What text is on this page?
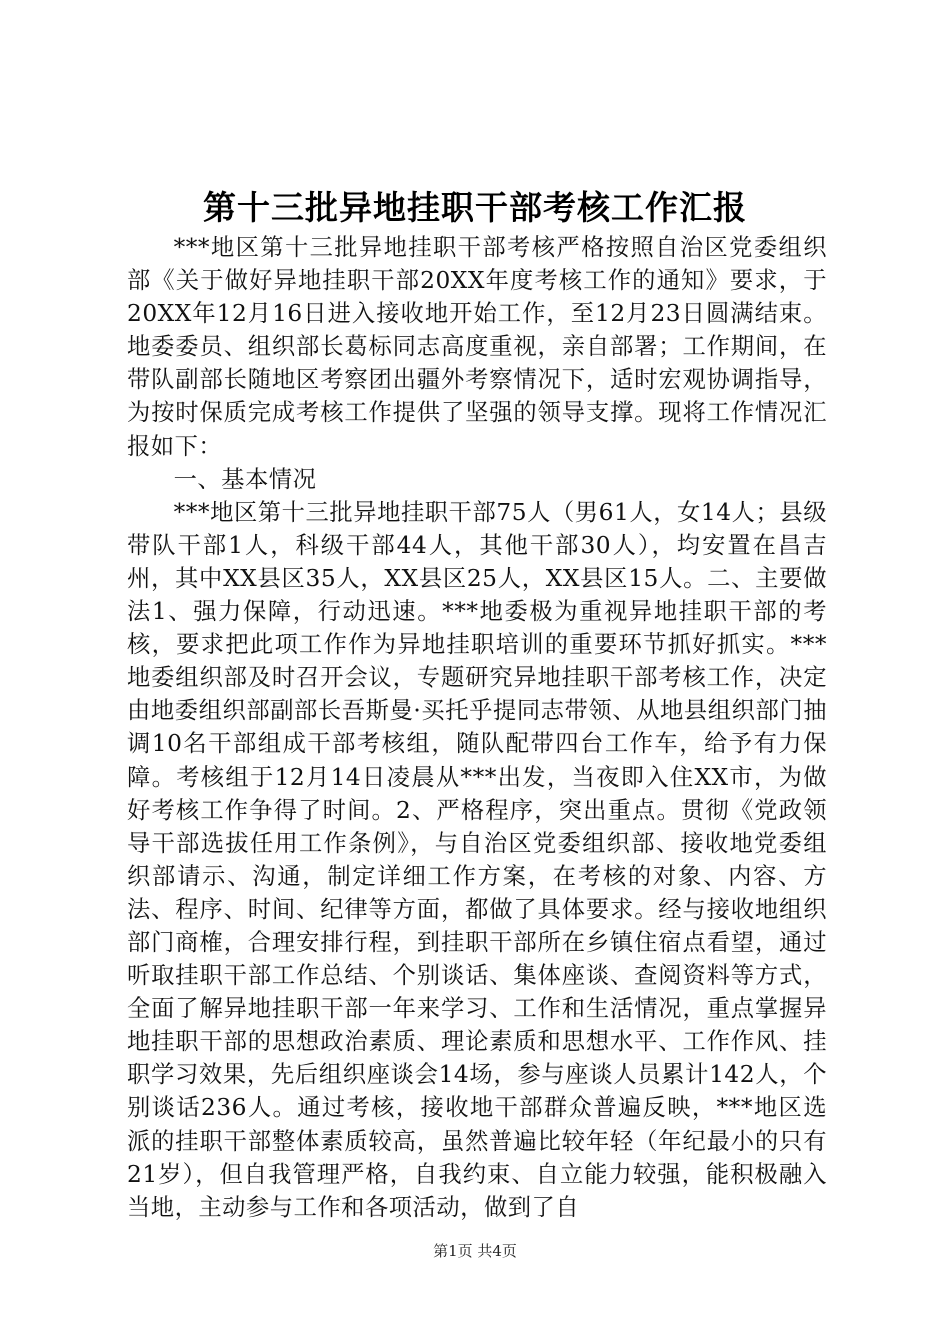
第十三批异地挂职干部考核工作汇报

***地区第十三批异地挂职干部考核严格按照自治区党委组织部《关于做好异地挂职干部20XX年度考核工作的通知》要求，于20XX年12月16日进入接收地开始工作，至12月23日圆满结束。地委委员、组织部长葛标同志高度重视，亲自部署；工作期间，在带队副部长随地区考察团出疆外考察情况下，适时宏观协调指导，为按时保质完成考核工作提供了坚强的领导支撑。现将工作情况汇报如下：

一、基本情况

***地区第十三批异地挂职干部75人（男61人，女14人；县级带队干部1人，科级干部44人，其他干部30人），均安置在昌吉州，其中XX县区35人，XX县区25人，XX县区15人。二、主要做法1、强力保障，行动迅速。***地委极为重视异地挂职干部的考核，要求把此项工作作为异地挂职培训的重要环节抓好抓实。***地委组织部及时召开会议，专题研究异地挂职干部考核工作，决定由地委组织部副部长吾斯曼·买托乎提同志带领、从地县组织部门抽调10名干部组成干部考核组，随队配带四台工作车，给予有力保障。考核组于12月14日凌晨从***出发，当夜即入住XX市，为做好考核工作争得了时间。2、严格程序，突出重点。贯彻《党政领导干部选拔任用工作条例》，与自治区党委组织部、接收地党委组织部请示、沟通，制定详细工作方案，在考核的对象、内容、方法、程序、时间、纪律等方面，都做了具体要求。经与接收地组织部门商榷，合理安排行程，到挂职干部所在乡镇住宿点看望，通过听取挂职干部工作总结、个别谈话、集体座谈、查阅资料等方式，全面了解异地挂职干部一年来学习、工作和生活情况，重点掌握异地挂职干部的思想政治素质、理论素质和思想水平、工作作风、挂职学习效果，先后组织座谈会14场，参与座谈人员累计142人，个别谈话236人。通过考核，接收地干部群众普遍反映，***地区选派的挂职干部整体素质较高，虽然普遍比较年轻（年纪最小的只有21岁），但自我管理严格，自我约束、自立能力较强，能积极融入当地，主动参与工作和各项活动，做到了自

第1页 共4页
